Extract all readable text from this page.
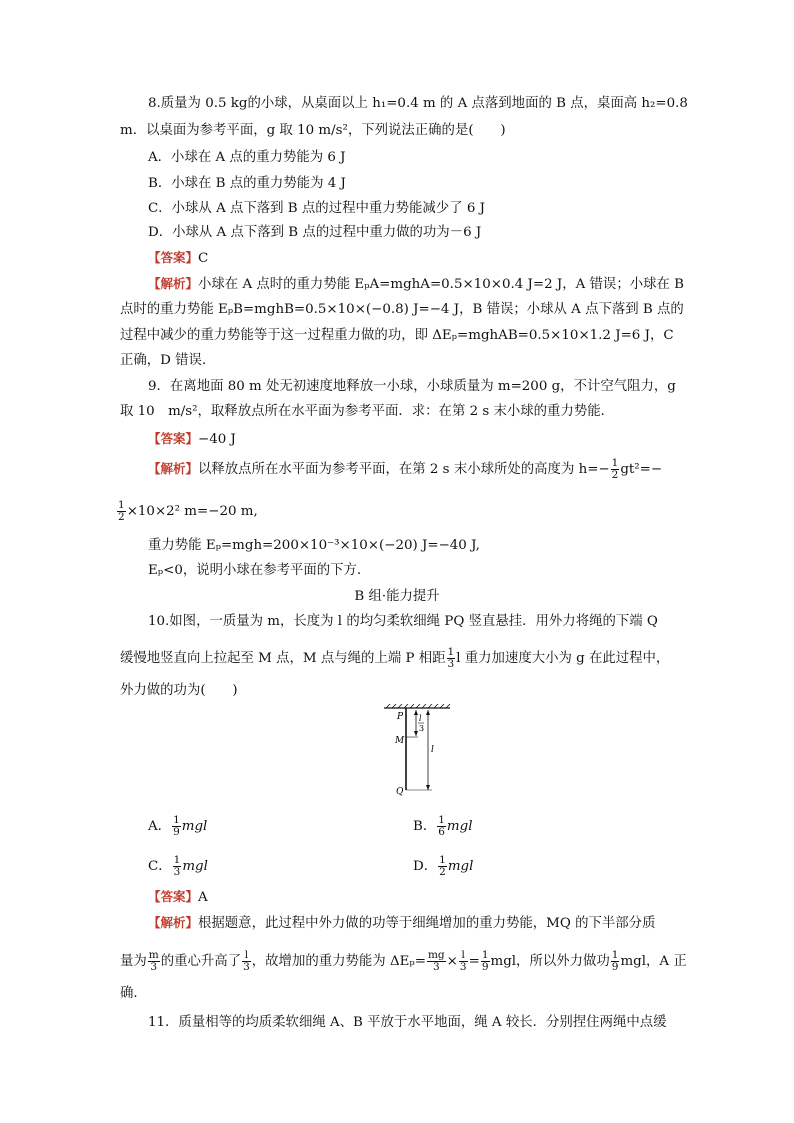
8.质量为 0.5 kg的小球，从桌面以上 h₁=0.4 m 的 A 点落到地面的 B 点，桌面高 h₂=0.8
m．以桌面为参考平面，g 取 10 m/s²，下列说法正确的是(　　)
A．小球在 A 点的重力势能为 6 J
B．小球在 B 点的重力势能为 4 J
C．小球从 A 点下落到 B 点的过程中重力势能减少了 6 J
D．小球从 A 点下落到 B 点的过程中重力做的功为－6 J
【答案】C
【解析】小球在 A 点时的重力势能 EₚA=mghA=0.5×10×0.4 J=2 J，A 错误；小球在 B
点时的重力势能 EₚB=mghB=0.5×10×(−0.8) J=−4 J，B 错误；小球从 A 点下落到 B 点的
过程中减少的重力势能等于这一过程重力做的功，即 ΔEₚ=mghAB=0.5×10×1.2 J=6 J，C
正确，D 错误．
9．在离地面 80 m 处无初速度地释放一小球，小球质量为 m=200 g，不计空气阻力，g
取 10　m/s²，取释放点所在水平面为参考平面．求：在第 2 s 末小球的重力势能．
【答案】−40 J
【解析】以释放点所在水平面为参考平面，在第 2 s 末小球所处的高度为 $h=- \frac{1}{2} gt^2=-$
$\frac{1}{2} \times 10\times 2^2$ m=−20 m,
重力势能 Eₚ=mgh=200×10⁻³×10×(−20) J=−40 J,
Eₚ<0，说明小球在参考平面的下方．
B 组·能力提升
10.如图，一质量为 m，长度为 l 的均匀柔软细绳 PQ 竖直悬挂．用外力将绳的下端 Q
缓慢地竖直向上拉起至 M 点，M 点与绳的上端 P 相距 $\frac{1}{3}$ l 重力加速度大小为 g 在此过程中，
外力做的功为(　　)
P
M
Q
l
3
l
A． $\frac{1}{9}$ mgl	B． $\frac{1}{6}$ mgl
C． $\frac{1}{3}$ mgl	D． $\frac{1}{2}$ mgl
【答案】A
【解析】根据题意，此过程中外力做的功等于细绳增加的重力势能，MQ 的下半部分质
量为 $\frac{m}{3}$ 的重心升高了 $\frac{l}{3}$ ，故增加的重力势能为 $\Delta E_p= \frac{mg}{3} \times \frac{l}{3} = \frac{1}{9}$ mgl，所以外力做功 $\frac{1}{9}$ mgl，A 正
确．
11．质量相等的均质柔软细绳 A、B 平放于水平地面，绳 A 较长．分别捏住两绳中点缓
